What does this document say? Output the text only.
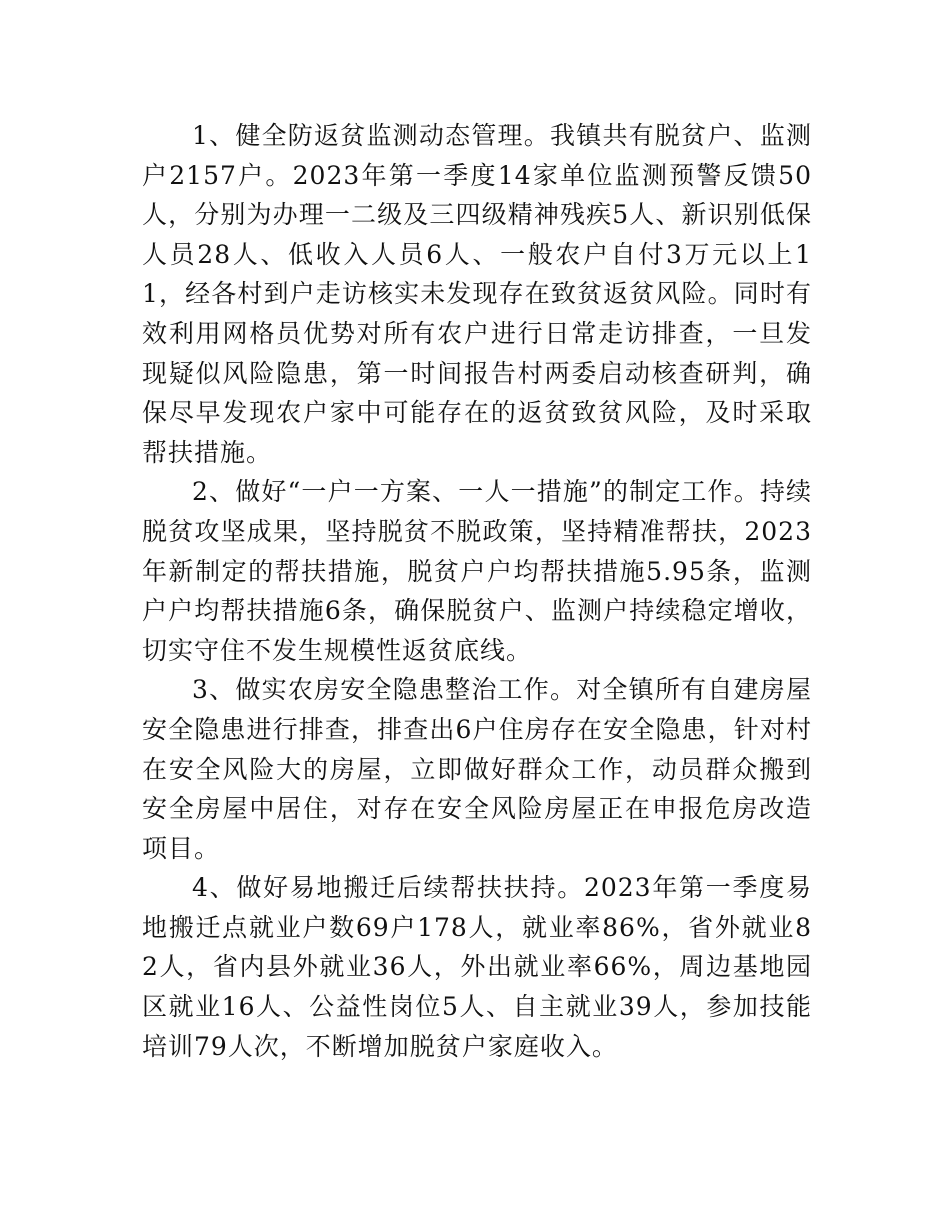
1、健全防返贫监测动态管理。我镇共有脱贫户、监测户2157户。2023年第一季度14家单位监测预警反馈50人，分别为办理一二级及三四级精神残疾5人、新识别低保人员28人、低收入人员6人、一般农户自付3万元以上11，经各村到户走访核实未发现存在致贫返贫风险。同时有效利用网格员优势对所有农户进行日常走访排查，一旦发现疑似风险隐患，第一时间报告村两委启动核查研判，确保尽早发现农户家中可能存在的返贫致贫风险，及时采取帮扶措施。

2、做好“一户一方案、一人一措施”的制定工作。持续脱贫攻坚成果，坚持脱贫不脱政策，坚持精准帮扶，2023年新制定的帮扶措施，脱贫户户均帮扶措施5.95条，监测户户均帮扶措施6条，确保脱贫户、监测户持续稳定增收，切实守住不发生规模性返贫底线。

3、做实农房安全隐患整治工作。对全镇所有自建房屋安全隐患进行排查，排查出6户住房存在安全隐患，针对村在安全风险大的房屋，立即做好群众工作，动员群众搬到安全房屋中居住，对存在安全风险房屋正在申报危房改造项目。

4、做好易地搬迁后续帮扶扶持。2023年第一季度易地搬迁点就业户数69户178人，就业率86%，省外就业82人，省内县外就业36人，外出就业率66%，周边基地园区就业16人、公益性岗位5人、自主就业39人，参加技能培训79人次，不断增加脱贫户家庭收入。
